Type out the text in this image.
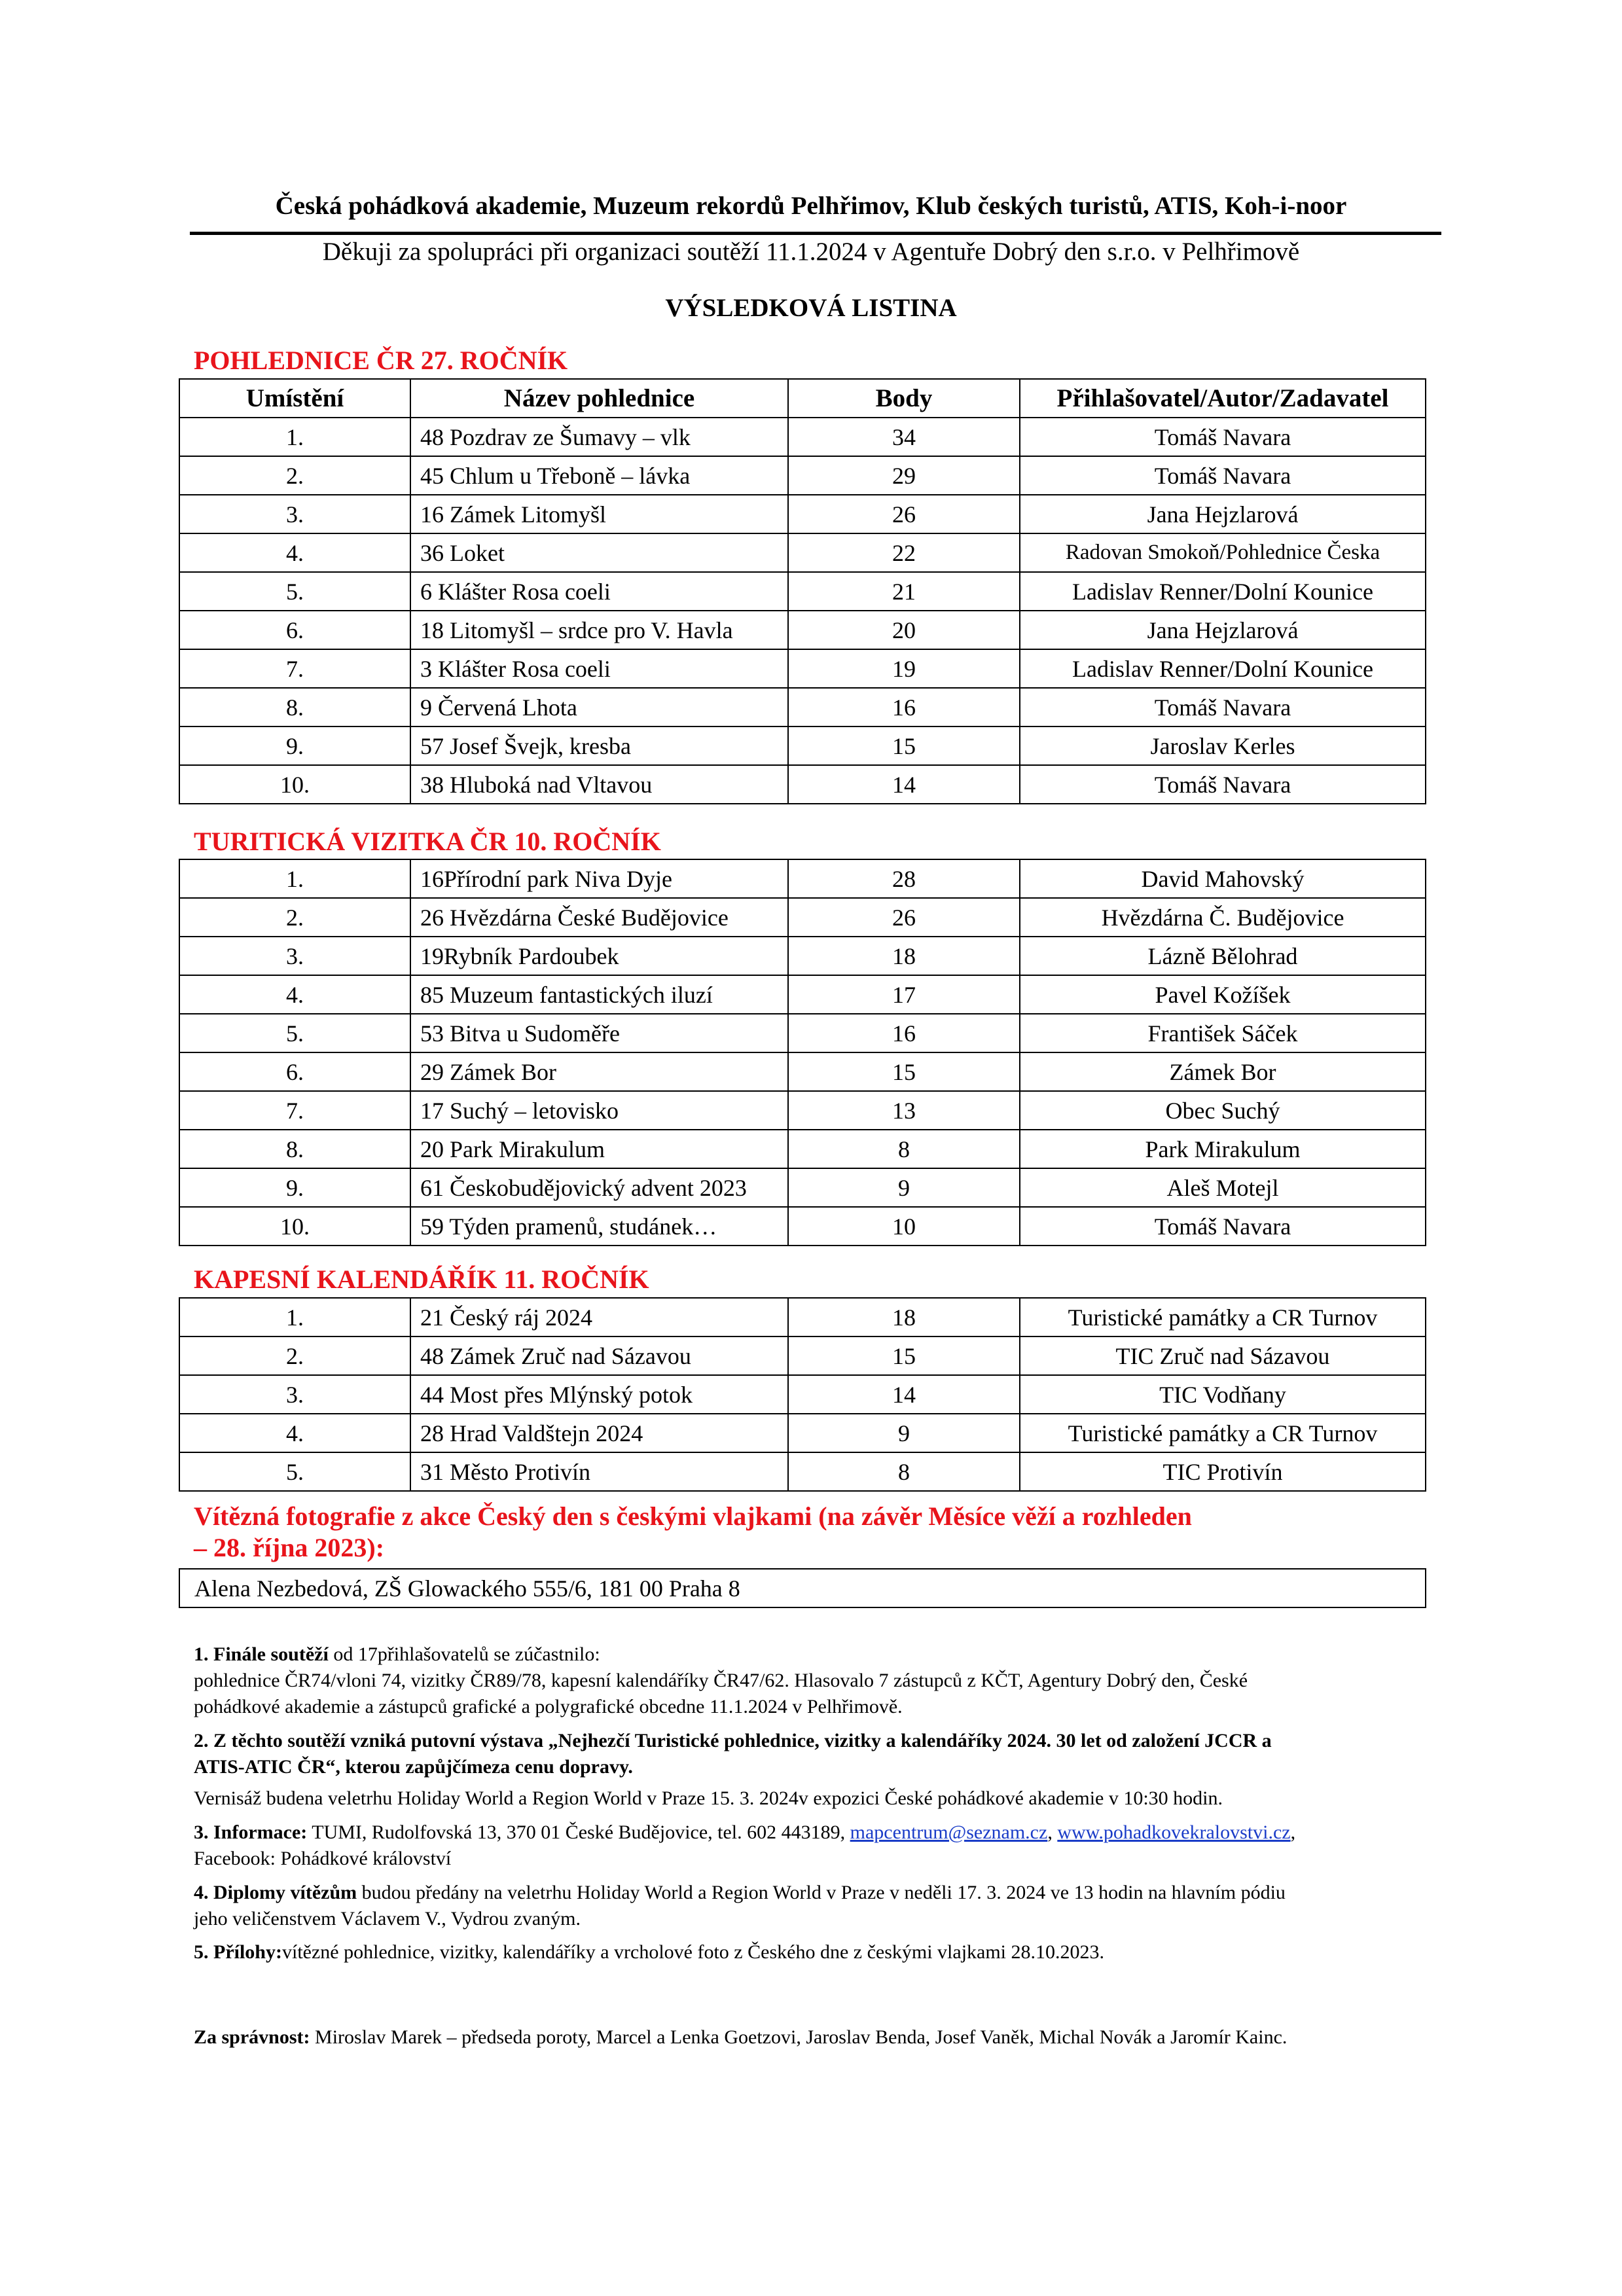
Česká pohádková akademie, Muzeum rekordů Pelhřimov, Klub českých turistů, ATIS, Koh-i-noor
Děkuji za spolupráci při organizaci soutěží 11.1.2024 v Agentuře Dobrý den s.r.o. v Pelhřimově
VÝSLEDKOVÁ LISTINA
POHLEDNICE ČR 27. ROČNÍK
Umístění	Název pohlednice	Body	Přihlašovatel/Autor/Zadavatel
1.	48 Pozdrav ze Šumavy – vlk	34	Tomáš Navara
2.	45 Chlum u Třeboně – lávka	29	Tomáš Navara
3.	16 Zámek Litomyšl	26	Jana Hejzlarová
4.	36 Loket	22	Radovan Smokoň/Pohlednice Česka
5.	6 Klášter Rosa coeli	21	Ladislav Renner/Dolní Kounice
6.	18 Litomyšl – srdce pro V. Havla	20	Jana Hejzlarová
7.	3 Klášter Rosa coeli	19	Ladislav Renner/Dolní Kounice
8.	9 Červená Lhota	16	Tomáš Navara
9.	57 Josef Švejk, kresba	15	Jaroslav Kerles
10.	38 Hluboká nad Vltavou	14	Tomáš Navara
TURITICKÁ VIZITKA ČR 10. ROČNÍK
1.	16Přírodní park Niva Dyje	28	David Mahovský
2.	26 Hvězdárna České Budějovice	26	Hvězdárna Č. Budějovice
3.	19Rybník Pardoubek	18	Lázně Bělohrad
4.	85 Muzeum fantastických iluzí	17	Pavel Kožíšek
5.	53 Bitva u Sudoměře	16	František Sáček
6.	29 Zámek Bor	15	Zámek Bor
7.	17 Suchý – letovisko	13	Obec Suchý
8.	20 Park Mirakulum	8	Park Mirakulum
9.	61 Českobudějovický advent 2023	9	Aleš Motejl
10.	59 Týden pramenů, studánek…	10	Tomáš Navara
KAPESNÍ KALENDÁŘÍK 11. ROČNÍK
1.	21 Český ráj 2024	18	Turistické památky a CR Turnov
2.	48 Zámek Zruč nad Sázavou	15	TIC Zruč nad Sázavou
3.	44 Most přes Mlýnský potok	14	TIC Vodňany
4.	28 Hrad Valdštejn 2024	9	Turistické památky a CR Turnov
5.	31 Město Protivín	8	TIC Protivín
Vítězná fotografie z akce Český den s českými vlajkami (na závěr Měsíce věží a rozhleden
– 28. října 2023):
Alena Nezbedová, ZŠ Glowackého 555/6, 181 00 Praha 8
1. Finále soutěží od 17přihlašovatelů se zúčastnilo:
pohlednice ČR74/vloni 74, vizitky ČR89/78, kapesní kalendáříky ČR47/62. Hlasovalo 7 zástupců z KČT, Agentury Dobrý den, České
pohádkové akademie a zástupců grafické a polygrafické obcedne 11.1.2024 v Pelhřimově.
2. Z těchto soutěží vzniká putovní výstava „Nejhezčí Turistické pohlednice, vizitky a kalendáříky 2024. 30 let od založení JCCR a
ATIS-ATIC ČR“, kterou zapůjčímeza cenu dopravy.
Vernisáž budena veletrhu Holiday World a Region World v Praze 15. 3. 2024v expozici České pohádkové akademie v 10:30 hodin.
3. Informace: TUMI, Rudolfovská 13, 370 01 České Budějovice, tel. 602 443189, mapcentrum@seznam.cz, www.pohadkovekralovstvi.cz,
Facebook: Pohádkové království
4. Diplomy vítězům budou předány na veletrhu Holiday World a Region World v Praze v neděli 17. 3. 2024 ve 13 hodin na hlavním pódiu
jeho veličenstvem Václavem V., Vydrou zvaným.
5. Přílohy:vítězné pohlednice, vizitky, kalendáříky a vrcholové foto z Českého dne z českými vlajkami 28.10.2023.
Za správnost: Miroslav Marek – předseda poroty, Marcel a Lenka Goetzovi, Jaroslav Benda, Josef Vaněk, Michal Novák a Jaromír Kainc.
